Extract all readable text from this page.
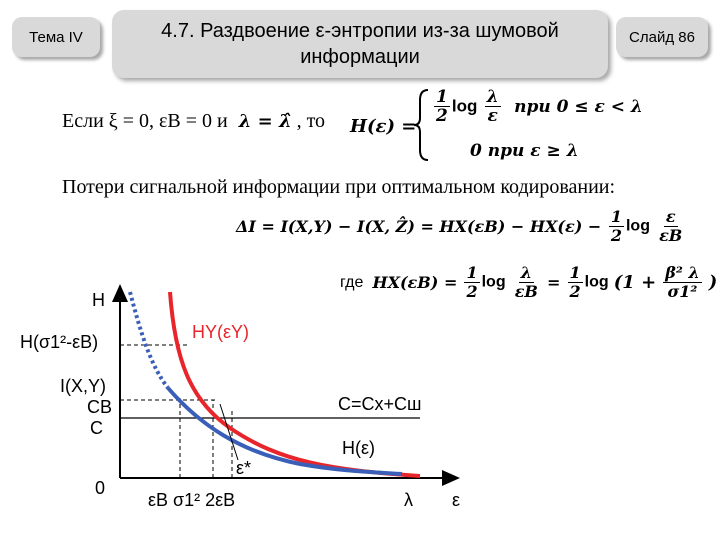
Тема IV	4.7. Раздвоение ε-энтропии из-за шумовой информации
Слайд 86
Если ξ = 0, εB = 0 и λ = λ̂ , то H(ε) =
$\frac{1}{2}$ $\log \frac{\lambda}{\varepsilon}$ при 0 ≤ ε < λ
0 при ε ≥ λ
Потери сигнальной информации при оптимальном кодировании:
ΔI = I(X,Y) − I(X, Ẑ) = $HX(\varepsilon B) - HX(\varepsilon) - \frac{1}{2}$ $\log \frac{\varepsilon}{\varepsilon B}$
где $HX(\varepsilon B) = \frac{1}{2}$ $\log \frac{\lambda}{\varepsilon B} = \frac{1}{2}$ $\log (1 + \frac{\text{β² λ}}{\text{σ1²}}$ )
H
H(σ1²-εB)
I(X,Y)
CB
C
0
εB σ1² 2εB
ε*
λ ε
HY(εY)
C=Cx+Cш
H(ε)
